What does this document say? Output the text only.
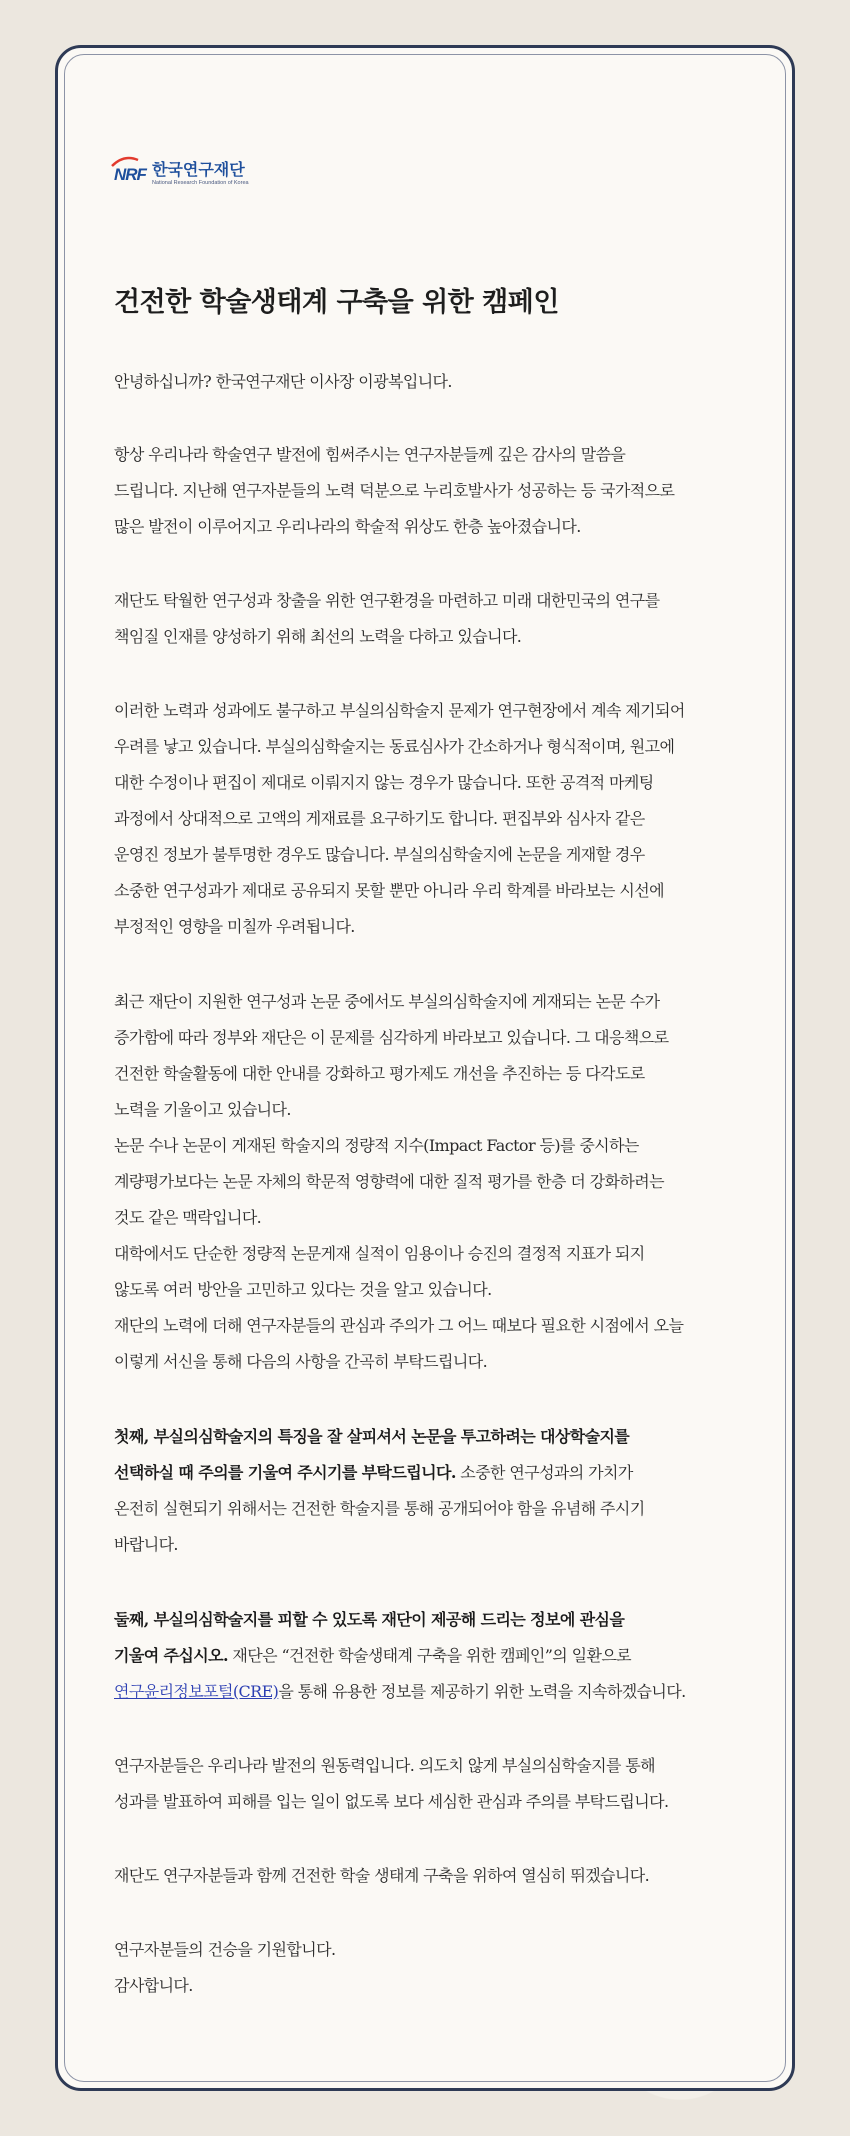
NRF 한국연구재단
National Research Foundation of Korea
건전한 학술생태계 구축을 위한 캠페인

안녕하십니까? 한국연구재단 이사장 이광복입니다.

항상 우리나라 학술연구 발전에 힘써주시는 연구자분들께 깊은 감사의 말씀을

드립니다. 지난해 연구자분들의 노력 덕분으로 누리호발사가 성공하는 등 국가적으로

많은 발전이 이루어지고 우리나라의 학술적 위상도 한층 높아졌습니다.

재단도 탁월한 연구성과 창출을 위한 연구환경을 마련하고 미래 대한민국의 연구를

책임질 인재를 양성하기 위해 최선의 노력을 다하고 있습니다.

이러한 노력과 성과에도 불구하고 부실의심학술지 문제가 연구현장에서 계속 제기되어

우려를 낳고 있습니다. 부실의심학술지는 동료심사가 간소하거나 형식적이며, 원고에

대한 수정이나 편집이 제대로 이뤄지지 않는 경우가 많습니다. 또한 공격적 마케팅

과정에서 상대적으로 고액의 게재료를 요구하기도 합니다. 편집부와 심사자 같은

운영진 정보가 불투명한 경우도 많습니다. 부실의심학술지에 논문을 게재할 경우

소중한 연구성과가 제대로 공유되지 못할 뿐만 아니라 우리 학계를 바라보는 시선에

부정적인 영향을 미칠까 우려됩니다.

최근 재단이 지원한 연구성과 논문 중에서도 부실의심학술지에 게재되는 논문 수가

증가함에 따라 정부와 재단은 이 문제를 심각하게 바라보고 있습니다. 그 대응책으로

건전한 학술활동에 대한 안내를 강화하고 평가제도 개선을 추진하는 등 다각도로

노력을 기울이고 있습니다.

논문 수나 논문이 게재된 학술지의 정량적 지수(Impact Factor 등)를 중시하는

계량평가보다는 논문 자체의 학문적 영향력에 대한 질적 평가를 한층 더 강화하려는

것도 같은 맥락입니다.

대학에서도 단순한 정량적 논문게재 실적이 임용이나 승진의 결정적 지표가 되지

않도록 여러 방안을 고민하고 있다는 것을 알고 있습니다.

재단의 노력에 더해 연구자분들의 관심과 주의가 그 어느 때보다 필요한 시점에서 오늘

이렇게 서신을 통해 다음의 사항을 간곡히 부탁드립니다.

첫째, 부실의심학술지의 특징을 잘 살피셔서 논문을 투고하려는 대상학술지를

선택하실 때 주의를 기울여 주시기를 부탁드립니다. 소중한 연구성과의 가치가

온전히 실현되기 위해서는 건전한 학술지를 통해 공개되어야 함을 유념해 주시기

바랍니다.

둘째, 부실의심학술지를 피할 수 있도록 재단이 제공해 드리는 정보에 관심을

기울여 주십시오. 재단은 “건전한 학술생태계 구축을 위한 캠페인”의 일환으로

연구윤리정보포털(CRE)을 통해 유용한 정보를 제공하기 위한 노력을 지속하겠습니다.

연구자분들은 우리나라 발전의 원동력입니다. 의도치 않게 부실의심학술지를 통해

성과를 발표하여 피해를 입는 일이 없도록 보다 세심한 관심과 주의를 부탁드립니다.

재단도 연구자분들과 함께 건전한 학술 생태계 구축을 위하여 열심히 뛰겠습니다.

연구자분들의 건승을 기원합니다.

감사합니다.
